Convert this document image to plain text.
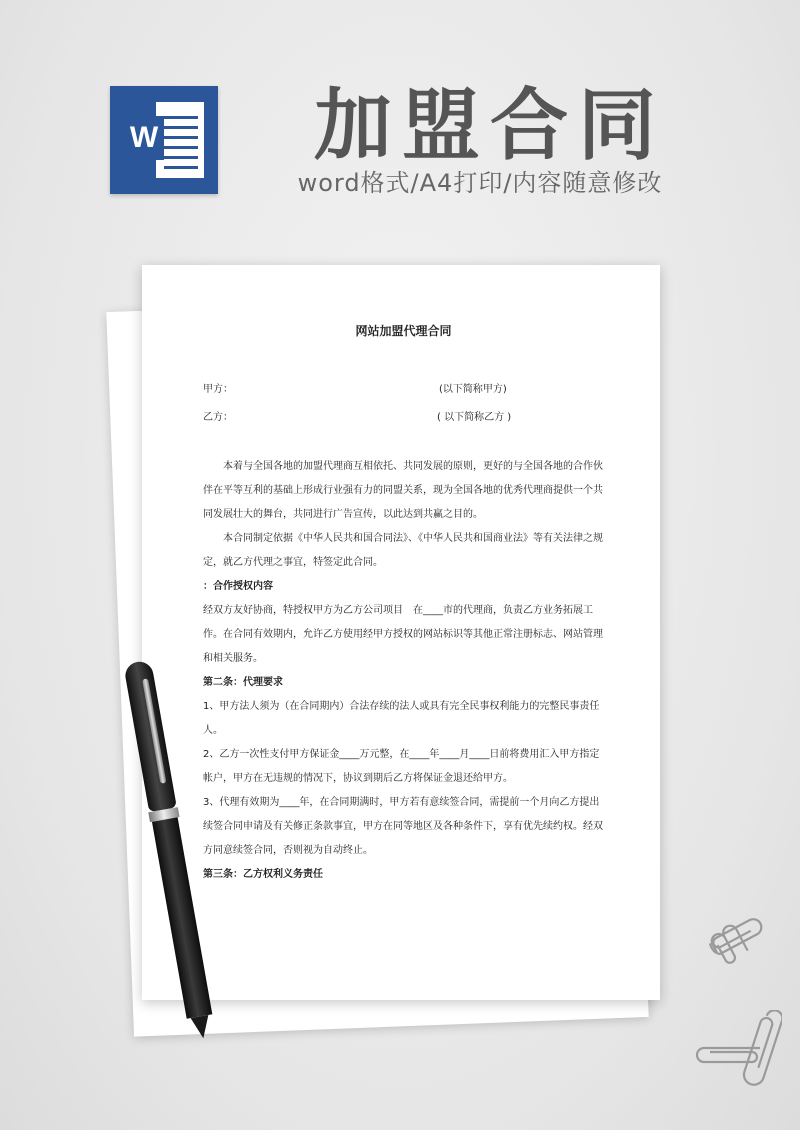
W 加盟合同
word格式/A4打印/内容随意修改
网站加盟代理合同
甲方：	(以下简称甲方)
乙方：	( 以下简称乙方 )

本着与全国各地的加盟代理商互相依托、共同发展的原则，更好的与全国各地的合作伙伴在平等互利的基础上形成行业强有力的同盟关系，现为全国各地的优秀代理商提供一个共同发展壮大的舞台，共同进行广告宣传，以此达到共赢之目的。

本合同制定依据《中华人民共和国合同法》、《中华人民共和国商业法》等有关法律之规定，就乙方代理之事宜，特签定此合同。

：合作授权内容

经双方友好协商，特授权甲方为乙方公司项目　在____市的代理商，负责乙方业务拓展工作。在合同有效期内，允许乙方使用经甲方授权的网站标识等其他正常注册标志、网站管理和相关服务。

第二条：代理要求

1、甲方法人须为（在合同期内）合法存续的法人或具有完全民事权利能力的完整民事责任人。

2、乙方一次性支付甲方保证金____万元整，在____年____月____日前将费用汇入甲方指定帐户，甲方在无违规的情况下，协议到期后乙方将保证金退还给甲方。

3、代理有效期为____年，在合同期满时，甲方若有意续签合同，需提前一个月向乙方提出续签合同申请及有关修正条款事宜，甲方在同等地区及各种条件下，享有优先续约权。经双方同意续签合同，否则视为自动终止。

第三条：乙方权利义务责任
